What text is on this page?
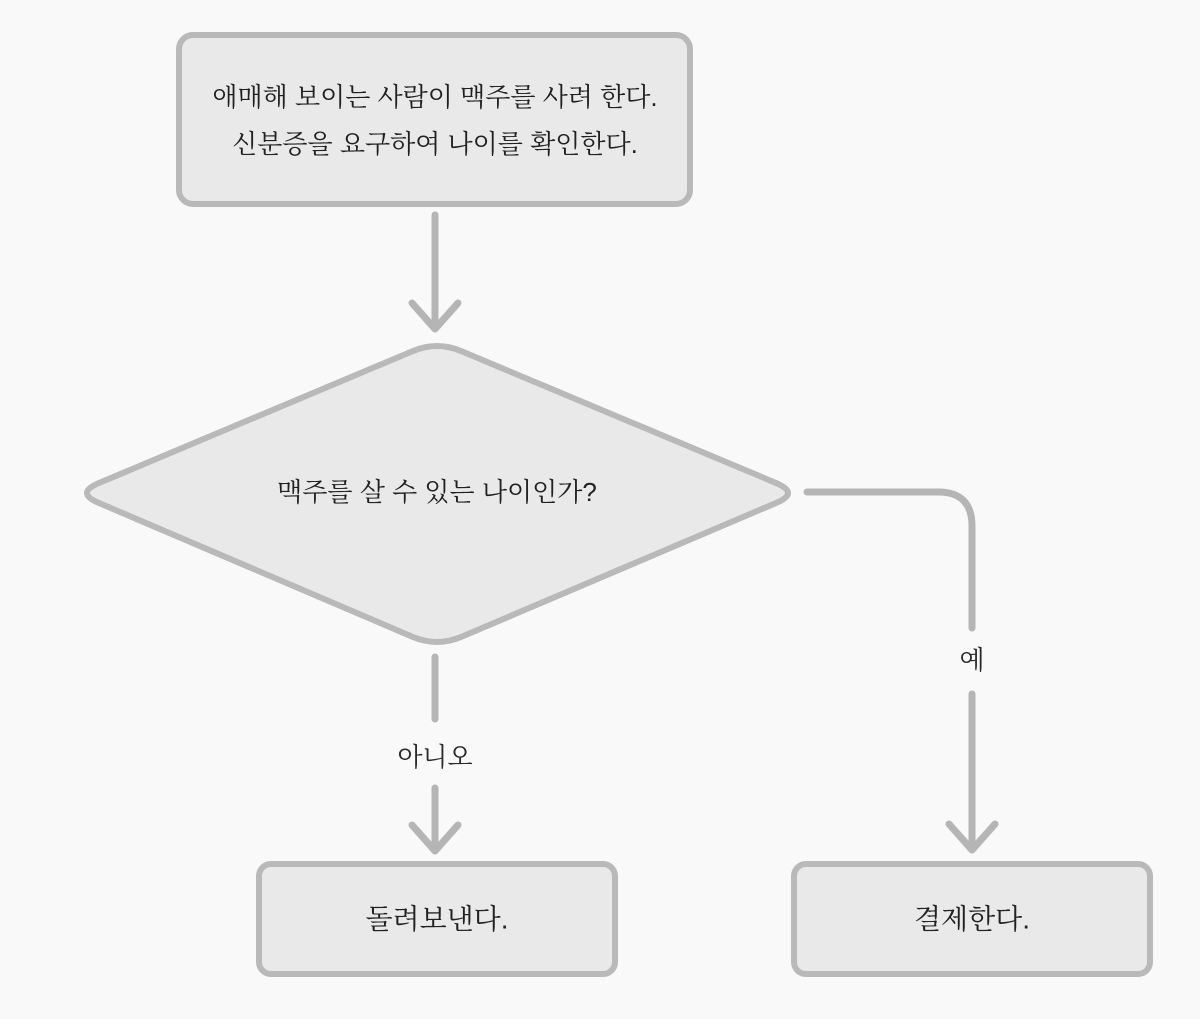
애매해 보이는 사람이 맥주를 사려 한다.
신분증을 요구하여 나이를 확인한다.
맥주를 살 수 있는 나이인가?
아니오
예
돌려보낸다.	결제한다.
